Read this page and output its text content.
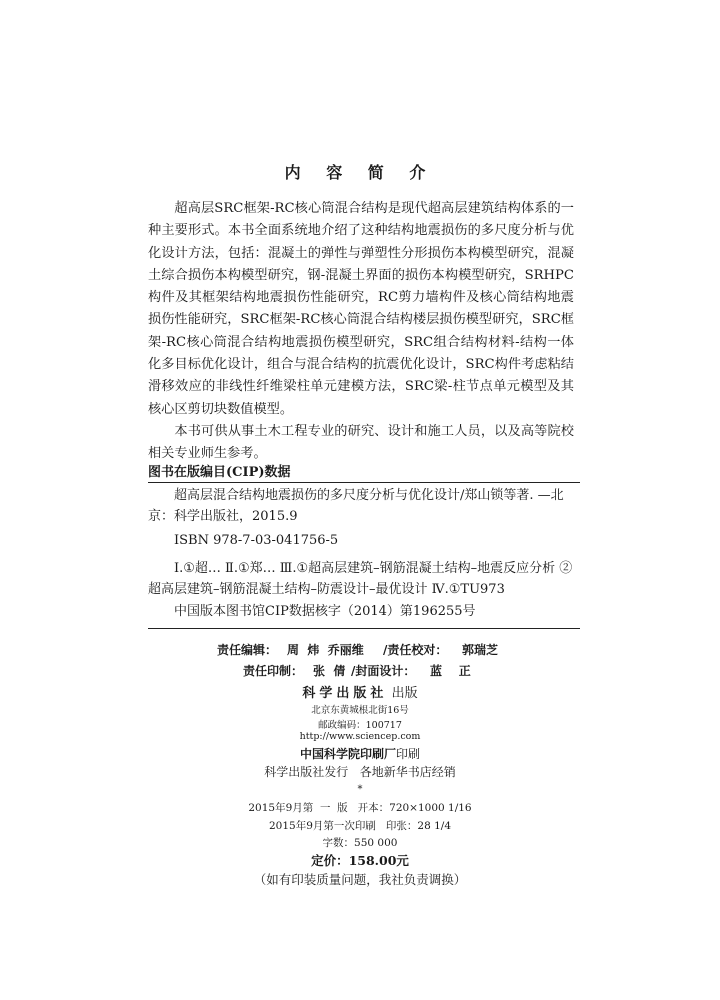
内 容 简 介

超高层SRC框架-RC核心筒混合结构是现代超高层建筑结构体系的一种主要形式。本书全面系统地介绍了这种结构地震损伤的多尺度分析与优化设计方法，包括：混凝土的弹性与弹塑性分形损伤本构模型研究，混凝土综合损伤本构模型研究，钢-混凝土界面的损伤本构模型研究，SRHPC构件及其框架结构地震损伤性能研究，RC剪力墙构件及核心筒结构地震损伤性能研究，SRC框架-RC核心筒混合结构楼层损伤模型研究，SRC框架-RC核心筒混合结构地震损伤模型研究，SRC组合结构材料-结构一体化多目标优化设计，组合与混合结构的抗震优化设计，SRC构件考虑粘结滑移效应的非线性纤维梁柱单元建模方法，SRC梁-柱节点单元模型及其核心区剪切块数值模型。

本书可供从事土木工程专业的研究、设计和施工人员，以及高等院校相关专业师生参考。

图书在版编目(CIP)数据
超高层混合结构地震损伤的多尺度分析与优化设计/郑山锁等著. —北京：科学出版社，2015.9
ISBN 978-7-03-041756-5
Ⅰ.①超… Ⅱ.①郑… Ⅲ.①超高层建筑–钢筋混凝土结构–地震反应分析 ②超高层建筑–钢筋混凝土结构–防震设计–最优设计 Ⅳ.①TU973
中国版本图书馆CIP数据核字（2014）第196255号
责任编辑： 周  炜  乔丽维 /责任校对： 郭瑞芝
责任印制： 张  倩 /封面设计： 蓝    正
科学出版社 出版
北京东黄城根北街16号
邮政编码：100717
http://www.sciencep.com
中国科学院印刷厂印刷
科学出版社发行   各地新华书店经销
*
2015年9月第  一  版   开本：720×1000 1/16
2015年9月第一次印刷   印张：28 1/4
字数：550 000
定价：158.00元
（如有印装质量问题，我社负责调换）
